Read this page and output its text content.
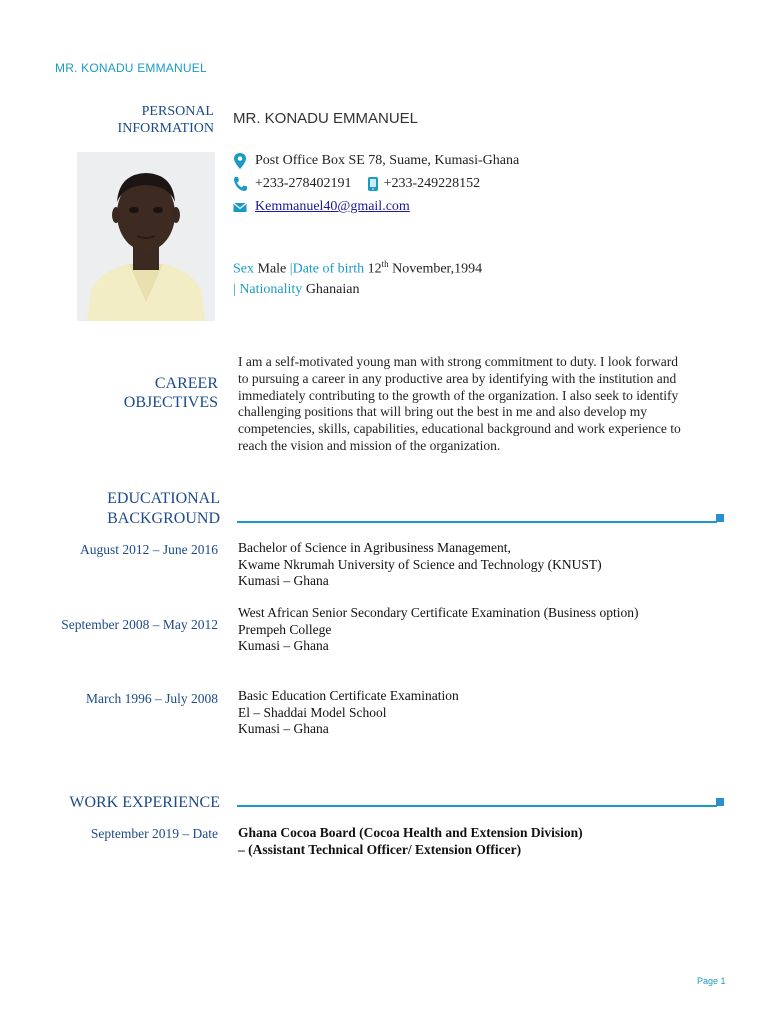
MR. KONADU EMMANUEL
PERSONAL
INFORMATION
MR. KONADU EMMANUEL
Post Office Box SE 78, Suame, Kumasi-Ghana
+233-278402191 +233-249228152
Kemmanuel40@gmail.com
Sex Male |Date of birth 12th November,1994
| Nationality Ghanaian
CAREER
OBJECTIVES
I am a self-motivated young man with strong commitment to duty. I look forward
to pursuing a career in any productive area by identifying with the institution and
immediately contributing to the growth of the organization. I also seek to identify
challenging positions that will bring out the best in me and also develop my
competencies, skills, capabilities, educational background and work experience to
reach the vision and mission of the organization.
EDUCATIONAL
BACKGROUND
August 2012 – June 2016 Bachelor of Science in Agribusiness Management,
Kwame Nkrumah University of Science and Technology (KNUST)
Kumasi – Ghana
September 2008 – May 2012
West African Senior Secondary Certificate Examination (Business option)
Prempeh College
Kumasi – Ghana
March 1996 – July 2008 Basic Education Certificate Examination
El – Shaddai Model School
Kumasi – Ghana
WORK EXPERIENCE
September 2019 – Date Ghana Cocoa Board (Cocoa Health and Extension Division)
– (Assistant Technical Officer/ Extension Officer)
Page 1
